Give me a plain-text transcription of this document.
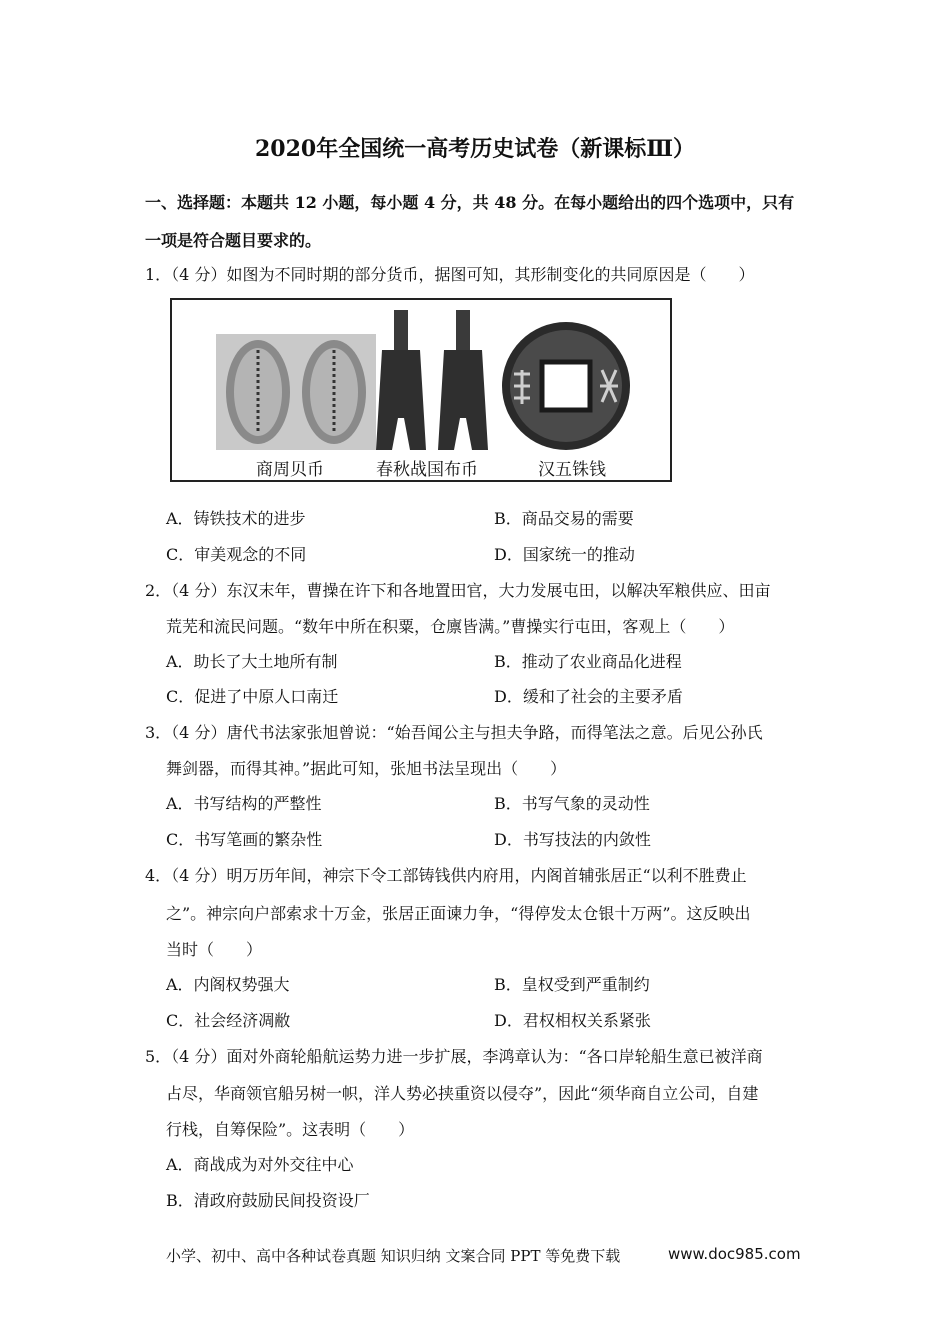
2020年全国统一高考历史试卷（新课标Ⅲ）
一、选择题：本题共 12 小题，每小题 4 分，共 48 分。在每小题给出的四个选项中，只有
一项是符合题目要求的。
1．（4 分）如图为不同时期的部分货币，据图可知，其形制变化的共同原因是（　　）
商周贝币	春秋战国布币	汉五铢钱
A．铸铁技术的进步	B．商品交易的需要
C．审美观念的不同	D．国家统一的推动
2．（4 分）东汉末年，曹操在许下和各地置田官，大力发展屯田，以解决军粮供应、田亩
荒芜和流民问题。“数年中所在积粟，仓廪皆满。”曹操实行屯田，客观上（　　）
A．助长了大土地所有制	B．推动了农业商品化进程
C．促进了中原人口南迁	D．缓和了社会的主要矛盾
3．（4 分）唐代书法家张旭曾说：“始吾闻公主与担夫争路，而得笔法之意。后见公孙氏
舞剑器，而得其神。”据此可知，张旭书法呈现出（　　）
A．书写结构的严整性	B．书写气象的灵动性
C．书写笔画的繁杂性	D．书写技法的内敛性
4．（4 分）明万历年间，神宗下令工部铸钱供内府用，内阁首辅张居正“以利不胜费止
之”。神宗向户部索求十万金，张居正面谏力争，“得停发太仓银十万两”。这反映出
当时（　　）
A．内阁权势强大	B．皇权受到严重制约
C．社会经济凋敝	D．君权相权关系紧张
5．（4 分）面对外商轮船航运势力进一步扩展，李鸿章认为：“各口岸轮船生意已被洋商
占尽，华商领官船另树一帜，洋人势必挟重资以侵夺”，因此“须华商自立公司，自建
行栈，自筹保险”。这表明（　　）
A．商战成为对外交往中心
B．清政府鼓励民间投资设厂
小学、初中、高中各种试卷真题 知识归纳 文案合同 PPT 等免费下载	www.doc985.com
